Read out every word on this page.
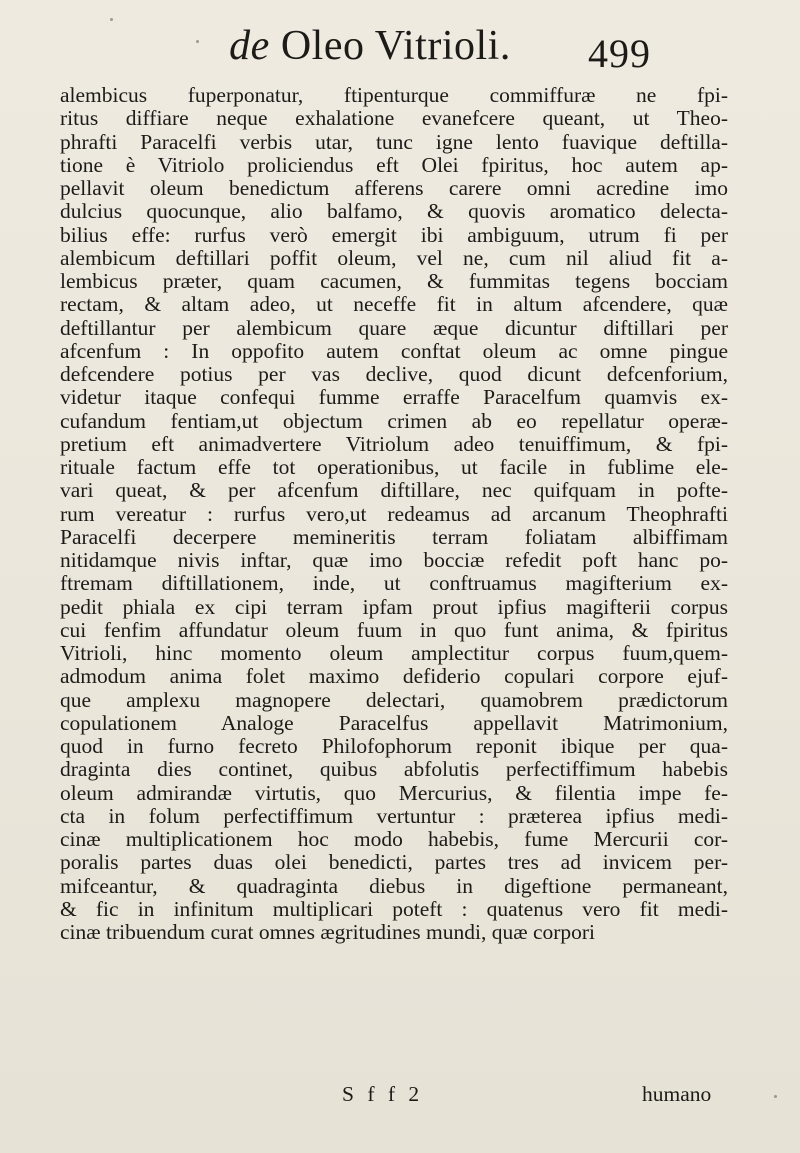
de Oleo Vitrioli.	499
alembicus fuperponatur, ftipenturque commiffuræ ne fpi-
ritus diffiare neque exhalatione evanefcere queant, ut Theo-
phrafti Paracelfi verbis utar, tunc igne lento fuavique deftilla-
tione è Vitriolo proliciendus eft Olei fpiritus, hoc autem ap-
pellavit oleum benedictum afferens carere omni acredine imo
dulcius quocunque, alio balfamo, & quovis aromatico delecta-
bilius effe: rurfus verò emergit ibi ambiguum, utrum fi per
alembicum deftillari poffit oleum, vel ne, cum nil aliud fit a-
lembicus præter, quam cacumen, & fummitas tegens bocciam
rectam, & altam adeo, ut neceffe fit in altum afcendere, quæ
deftillantur per alembicum quare æque dicuntur diftillari per
afcenfum : In oppofito autem conftat oleum ac omne pingue
defcendere potius per vas declive, quod dicunt defcenforium,
videtur itaque confequi fumme erraffe Paracelfum quamvis ex-
cufandum fentiam,ut objectum crimen ab eo repellatur operæ-
pretium eft animadvertere Vitriolum adeo tenuiffimum, & fpi-
rituale factum effe tot operationibus, ut facile in fublime ele-
vari queat, & per afcenfum diftillare, nec quifquam in pofte-
rum vereatur : rurfus vero,ut redeamus ad arcanum Theophrafti
Paracelfi decerpere memineritis terram foliatam albiffimam
nitidamque nivis inftar, quæ imo bocciæ refedit poft hanc po-
ftremam diftillationem, inde, ut conftruamus magifterium ex-
pedit phiala ex cipi terram ipfam prout ipfius magifterii corpus
cui fenfim affundatur oleum fuum in quo funt anima, & fpiritus
Vitrioli, hinc momento oleum amplectitur corpus fuum,quem-
admodum anima folet maximo defiderio copulari corpore ejuf-
que amplexu magnopere delectari, quamobrem prædictorum
copulationem Analoge Paracelfus appellavit Matrimonium,
quod in furno fecreto Philofophorum reponit ibique per qua-
draginta dies continet, quibus abfolutis perfectiffimum habebis
oleum admirandæ virtutis, quo Mercurius, & filentia impe fe-
cta in folum perfectiffimum vertuntur : præterea ipfius medi-
cinæ multiplicationem hoc modo habebis, fume Mercurii cor-
poralis partes duas olei benedicti, partes tres ad invicem per-
mifceantur, & quadraginta diebus in digeftione permaneant,
& fic in infinitum multiplicari poteft : quatenus vero fit medi-
cinæ tribuendum curat omnes ægritudines mundi, quæ corpori
S f f 2	humano
